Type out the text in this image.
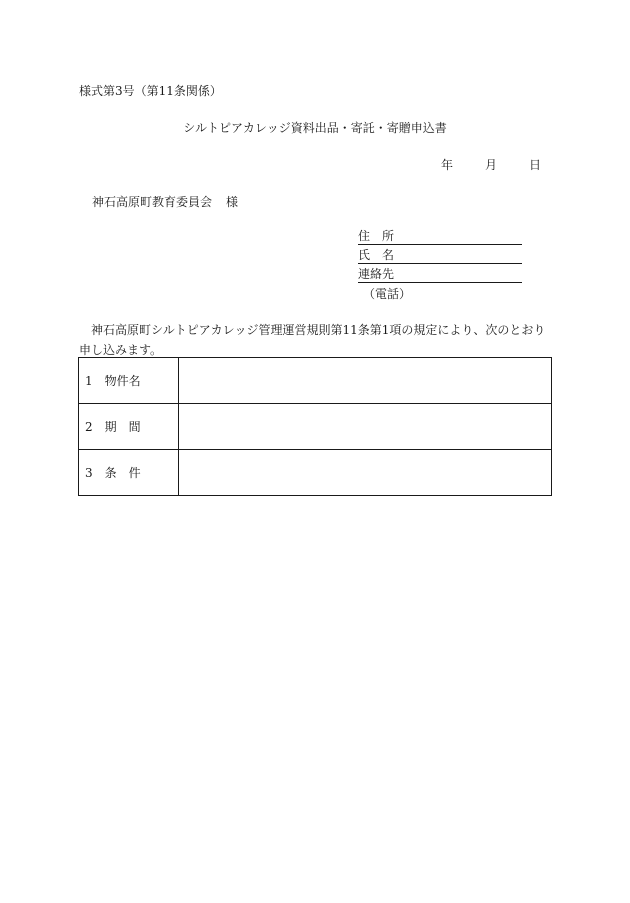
様式第3号（第11条関係）
シルトピアカレッジ資料出品・寄託・寄贈申込書
年	月	日
神石高原町教育委員会 様
住　所
氏　名
連絡先
（電話）
神石高原町シルトピアカレッジ管理運営規則第11条第1項の規定により、次のとおり申し込みます。
1　物件名	
2　期　間	
3　条　件	
